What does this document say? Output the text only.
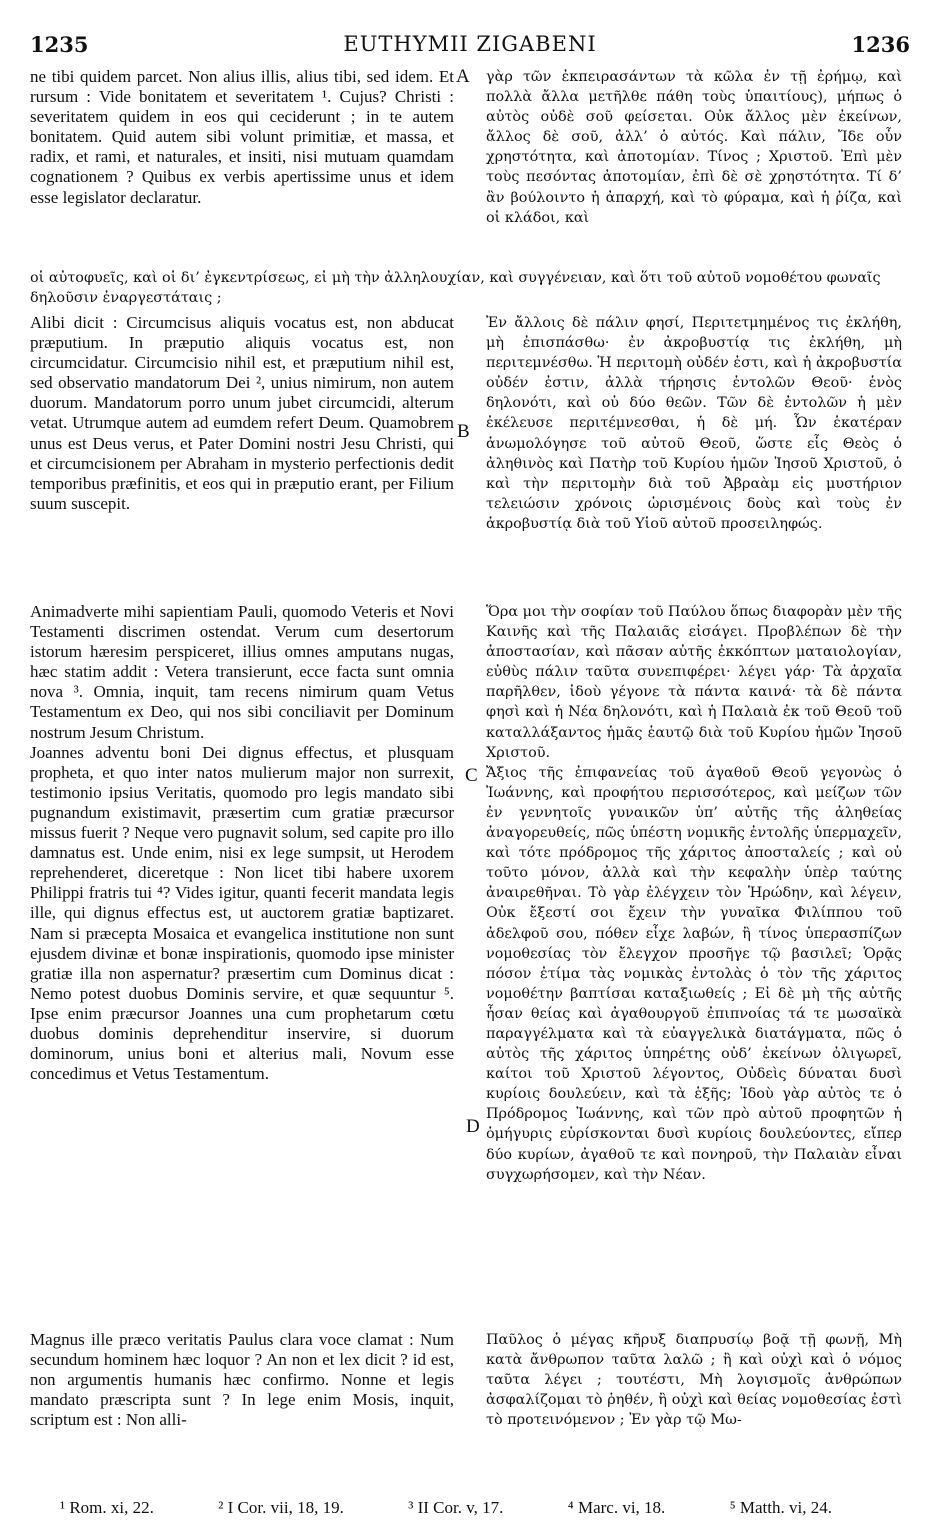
1235	EUTHYMII ZIGABENI	1236

ne tibi quidem parcet. Non alius illis, alius tibi, sed idem. Et rursum : Vide bonitatem et severitatem ¹. Cujus? Christi : severitatem quidem in eos qui ceciderunt ; in te autem bonitatem. Quid autem sibi volunt primitiæ, et massa, et radix, et rami, et naturales, et insiti, nisi mutuam quamdam cognationem ? Quibus ex verbis apertissime unus et idem esse legislator declaratur.

γὰρ τῶν ἐκπειρασάντων τὰ κῶλα ἐν τῇ ἐρήμῳ, καὶ πολλὰ ἄλλα μετῆλθε πάθη τοὺς ὑπαιτίους), μήπως ὁ αὐτὸς οὐδὲ σοῦ φείσεται. Οὐκ ἄλλος μὲν ἐκείνων, ἄλλος δὲ σοῦ, ἀλλ’ ὁ αὐτός. Καὶ πάλιν, Ἴδε οὖν χρηστότητα, καὶ ἀποτομίαν. Τίνος ; Χριστοῦ. Ἐπὶ μὲν τοὺς πεσόντας ἀποτομίαν, ἐπὶ δὲ σὲ χρηστότητα. Τί δ’ ἂν βούλοιντο ἡ ἀπαρχή, καὶ τὸ φύραμα, καὶ ἡ ῥίζα, καὶ οἱ κλάδοι, καὶ

οἱ αὐτοφυεῖς, καὶ οἱ δι’ ἐγκεντρίσεως, εἰ μὴ τὴν ἀλληλουχίαν, καὶ συγγένειαν, καὶ ὅτι τοῦ αὐτοῦ νομοθέτου φωναῖς δηλοῦσιν ἐναργεστάταις ;

Alibi dicit : Circumcisus aliquis vocatus est, non abducat præputium. In præputio aliquis vocatus est, non circumcidatur. Circumcisio nihil est, et præputium nihil est, sed observatio mandatorum Dei ², unius nimirum, non autem duorum. Mandatorum porro unum jubet circumcidi, alterum vetat. Utrumque autem ad eumdem refert Deum. Quamobrem unus est Deus verus, et Pater Domini nostri Jesu Christi, qui et circumcisionem per Abraham in mysterio perfectionis dedit temporibus præfinitis, et eos qui in præputio erant, per Filium suum suscepit.

Ἐν ἄλλοις δὲ πάλιν φησί, Περιτετμημένος τις ἐκλήθη, μὴ ἐπισπάσθω· ἐν ἀκροβυστίᾳ τις ἐκλήθη, μὴ περιτεμνέσθω. Ἡ περιτομὴ οὐδέν ἐστι, καὶ ἡ ἀκροβυστία οὐδέν ἐστιν, ἀλλὰ τήρησις ἐντολῶν Θεοῦ· ἑνὸς δηλονότι, καὶ οὐ δύο θεῶν. Τῶν δὲ ἐντολῶν ἡ μὲν ἐκέλευσε περιτέμνεσθαι, ἡ δὲ μή. Ὧν ἑκατέραν ἀνωμολόγησε τοῦ αὐτοῦ Θεοῦ, ὥστε εἷς Θεὸς ὁ ἀληθινὸς καὶ Πατὴρ τοῦ Κυρίου ἡμῶν Ἰησοῦ Χριστοῦ, ὁ καὶ τὴν περιτομὴν διὰ τοῦ Ἀβραὰμ εἰς μυστήριον τελειώσιν χρόνοις ὡρισμένοις δοὺς καὶ τοὺς ἐν ἀκροβυστίᾳ διὰ τοῦ Υἱοῦ αὐτοῦ προσειληφώς.

Animadverte mihi sapientiam Pauli, quomodo Veteris et Novi Testamenti discrimen ostendat. Verum cum desertorum istorum hæresim perspiceret, illius omnes amputans nugas, hæc statim addit : Vetera transierunt, ecce facta sunt omnia nova ³. Omnia, inquit, tam recens nimirum quam Vetus Testamentum ex Deo, qui nos sibi conciliavit per Dominum nostrum Jesum Christum.

Joannes adventu boni Dei dignus effectus, et plusquam propheta, et quo inter natos mulierum major non surrexit, testimonio ipsius Veritatis, quomodo pro legis mandato sibi pugnandum existimavit, præsertim cum gratiæ præcursor missus fuerit ? Neque vero pugnavit solum, sed capite pro illo damnatus est. Unde enim, nisi ex lege sumpsit, ut Herodem reprehenderet, diceretque : Non licet tibi habere uxorem Philippi fratris tui ⁴? Vides igitur, quanti fecerit mandata legis ille, qui dignus effectus est, ut auctorem gratiæ baptizaret. Nam si præcepta Mosaica et evangelica institutione non sunt ejusdem divinæ et bonæ inspirationis, quomodo ipse minister gratiæ illa non aspernatur? præsertim cum Dominus dicat : Nemo potest duobus Dominis servire, et quæ sequuntur ⁵. Ipse enim præcursor Joannes una cum prophetarum cœtu duobus dominis deprehenditur inservire, si duorum dominorum, unius boni et alterius mali, Novum esse concedimus et Vetus Testamentum.

Ὅρα μοι τὴν σοφίαν τοῦ Παύλου ὅπως διαφορὰν μὲν τῆς Καινῆς καὶ τῆς Παλαιᾶς εἰσάγει. Προβλέπων δὲ τὴν ἀποστασίαν, καὶ πᾶσαν αὐτῆς ἐκκόπτων ματαιολογίαν, εὐθὺς πάλιν ταῦτα συνεπιφέρει· λέγει γάρ· Τὰ ἀρχαῖα παρῆλθεν, ἰδοὺ γέγονε τὰ πάντα καινά· τὰ δὲ πάντα φησὶ καὶ ἡ Νέα δηλονότι, καὶ ἡ Παλαιὰ ἐκ τοῦ Θεοῦ τοῦ καταλλάξαντος ἡμᾶς ἑαυτῷ διὰ τοῦ Κυρίου ἡμῶν Ἰησοῦ Χριστοῦ.

Ἄξιος τῆς ἐπιφανείας τοῦ ἀγαθοῦ Θεοῦ γεγονὼς ὁ Ἰωάννης, καὶ προφήτου περισσότερος, καὶ μείζων τῶν ἐν γεννητοῖς γυναικῶν ὑπ’ αὐτῆς τῆς ἀληθείας ἀναγορευθείς, πῶς ὑπέστη νομικῆς ἐντολῆς ὑπερμαχεῖν, καὶ τότε πρόδρομος τῆς χάριτος ἀποσταλείς ; καὶ οὐ τοῦτο μόνον, ἀλλὰ καὶ τὴν κεφαλὴν ὑπὲρ ταύτης ἀναιρεθῆναι. Τὸ γὰρ ἐλέγχειν τὸν Ἡρώδην, καὶ λέγειν, Οὐκ ἔξεστί σοι ἔχειν τὴν γυναῖκα Φιλίππου τοῦ ἀδελφοῦ σου, πόθεν εἶχε λαβών, ἢ τίνος ὑπερασπίζων νομοθεσίας τὸν ἔλεγχον προσῆγε τῷ βασιλεῖ; Ὁρᾷς πόσον ἐτίμα τὰς νομικὰς ἐντολὰς ὁ τὸν τῆς χάριτος νομοθέτην βαπτίσαι καταξιωθείς ; Εἰ δὲ μὴ τῆς αὐτῆς ἦσαν θείας καὶ ἀγαθουργοῦ ἐπιπνοίας τά τε μωσαϊκὰ παραγγέλματα καὶ τὰ εὐαγγελικὰ διατάγματα, πῶς ὁ αὐτὸς τῆς χάριτος ὑπηρέτης οὐδ’ ἐκείνων ὀλιγωρεῖ, καίτοι τοῦ Χριστοῦ λέγοντος, Οὐδεὶς δύναται δυσὶ κυρίοις δουλεύειν, καὶ τὰ ἑξῆς; Ἰδοὺ γὰρ αὐτὸς τε ὁ Πρόδρομος Ἰωάννης, καὶ τῶν πρὸ αὐτοῦ προφητῶν ἡ ὁμήγυρις εὑρίσκονται δυσὶ κυρίοις δουλεύοντες, εἴπερ δύο κυρίων, ἀγαθοῦ τε καὶ πονηροῦ, τὴν Παλαιὰν εἶναι συγχωρήσομεν, καὶ τὴν Νέαν.

Magnus ille præco veritatis Paulus clara voce clamat : Num secundum hominem hæc loquor ? An non et lex dicit ? id est, non argumentis humanis hæc confirmo. Nonne et legis mandato præscripta sunt ? In lege enim Mosis, inquit, scriptum est : Non alli-

Παῦλος ὁ μέγας κῆρυξ διαπρυσίῳ βοᾷ τῇ φωνῇ, Μὴ κατὰ ἄνθρωπον ταῦτα λαλῶ ; ἢ καὶ οὐχὶ καὶ ὁ νόμος ταῦτα λέγει ; τουτέστι, Μὴ λογισμοῖς ἀνθρώπων ἀσφαλίζομαι τὸ ῥηθέν, ἢ οὐχὶ καὶ θείας νομοθεσίας ἐστὶ τὸ προτεινόμενον ; Ἐν γὰρ τῷ Μω-

A
B
C
D
¹ Rom. xi, 22.	² I Cor. vii, 18, 19.	³ II Cor. v, 17.	⁴ Marc. vi, 18.	⁵ Matth. vi, 24.
